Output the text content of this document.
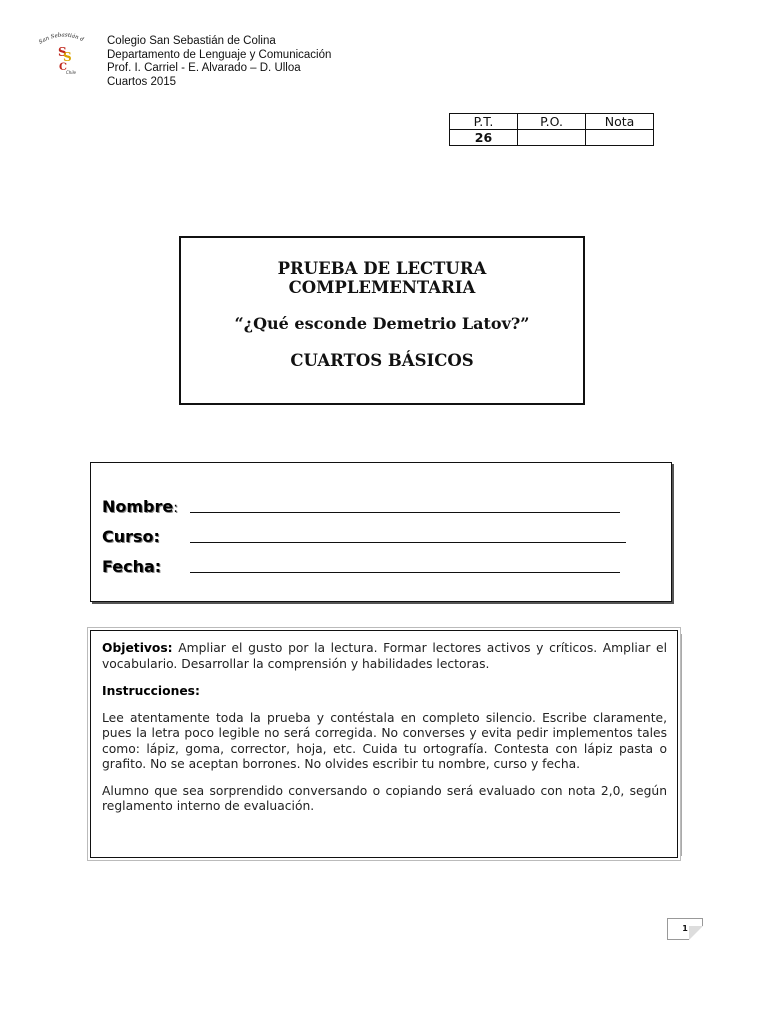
San Sebastián d
S
S
C Chile
Colegio San Sebastián de Colina
Departamento de Lenguaje y Comunicación
Prof. I. Carriel - E. Alvarado – D. Ulloa
Cuartos 2015
P.T.	P.O.	Nota
26		
PRUEBA DE LECTURA
COMPLEMENTARIA
“¿Qué esconde Demetrio Latov?”
CUARTOS BÁSICOS
Nombre:
Curso:
Fecha:

Objetivos: Ampliar el gusto por la lectura. Formar lectores activos y críticos. Ampliar el vocabulario. Desarrollar la comprensión y habilidades lectoras.

Instrucciones:

Lee atentamente toda la prueba y contéstala en completo silencio. Escribe claramente, pues la letra poco legible no será corregida. No converses y evita pedir implementos tales como: lápiz, goma, corrector, hoja, etc. Cuida tu ortografía. Contesta con lápiz pasta o grafito. No se aceptan borrones. No olvides escribir tu nombre, curso y fecha.

Alumno que sea sorprendido conversando o copiando será evaluado con nota 2,0, según reglamento interno de evaluación.

1
